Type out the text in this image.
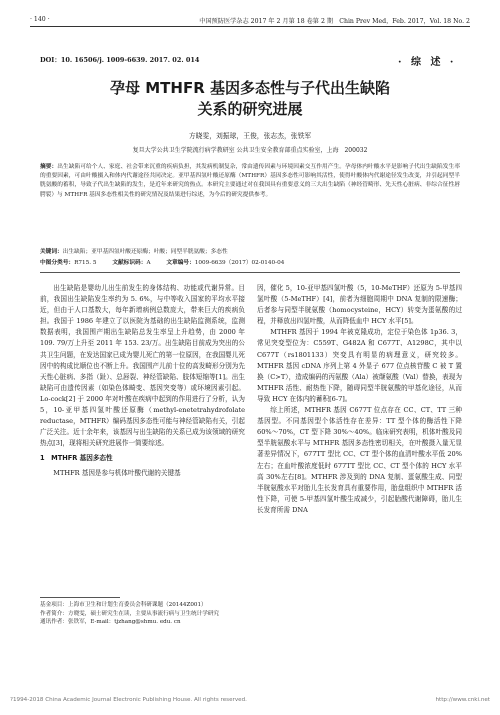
· 140 ·	中国预防医学杂志 2017 年 2 月第 18 卷第 2 期　Chin Prev Med，Feb. 2017，Vol. 18 No. 2
DOI：10. 16506/j. 1009-6639. 2017. 02. 014	· 综 述 ·
孕母 MTHFR 基因多态性与子代出生缺陷
关系的研究进展
方晓雯，刘振球，王俊，张志杰，张铁军
复旦大学公共卫生学院流行病学教研室 公共卫生安全教育部重点实验室，上海　200032
摘要：出生缺陷可给个人、家庭、社会带来沉重的疾病负担，其发病机制复杂，常由遗传因素与环境因素交互作用产生。孕母体内叶酸水平是影响子代出生缺陷发生率的重要因素，可由叶酸摄入和体内代谢途径共同决定。亚甲基四氢叶酸还原酶（MTHFR）基因多态性可影响其活性，使得叶酸体内代谢途径发生改变，并引起同型半胱氨酸的蓄积，导致子代出生缺陷的发生，是近年来研究的热点。本研究主要通过对在我国具有重要意义的三大出生缺陷（神经管畸形、先天性心脏病、非综合征性唇腭裂）与 MTHFR 基因多态性相关性的研究情况及结果进行综述，为今后的研究提供参考。
关键词：出生缺陷；亚甲基四氢叶酸还原酶；叶酸；同型半胱氨酸；多态性
中图分类号：R715. 5	文献标识码：A	文章编号：1009-6639（2017）02-0140-04

出生缺陷是婴幼儿出生前发生的身体结构、功能或代谢异常。目前，我国出生缺陷发生率约为 5. 6%，与中等收入国家的平均水平接近，但由于人口基数大，每年新增病例总数庞大，带来巨大的疾病负担。我国于 1986 年建立了以医院为基础的出生缺陷监测系统，监测数据表明，我国围产期出生缺陷总发生率呈上升趋势，由 2000 年 109. 79/万上升至 2011 年 153. 23/万。出生缺陷目前成为突出的公共卫生问题，在发达国家已成为婴儿死亡的第一位原因，在我国婴儿死因中的构成比顺位也不断上升。我国围产儿前十位的高发畸形分别为先天性心脏病、多指（趾）、总唇裂、神经管缺陷、肢体短缩等[1]。出生缺陷可由遗传因素（如染色体畸变、基因突变等）或环境因素引起。Lo-cock[2] 于 2000 年对叶酸在疾病中起到的作用进行了分析，认为 5，10-亚甲基四氢叶酸还原酶（methyl-enetetrahydrofolate reductase，MTHFR）编码基因多态性可能与神经管缺陷有关，引起广泛关注。近十余年来，该基因与出生缺陷的关系已成为该领域的研究热点[3]，现将相关研究进展作一简要综述。

1　MTHFR 基因多态性

MTHFR 基因是参与机体叶酸代谢的关键基

基金项目：上海市卫生和计划生育委员会科研课题（20144Z001）
作者简介：方晓雯，硕士研究生在读，主要从事流行病与卫生统计学研究
通讯作者：张铁军，E-mail：tjzhang@shmu. edu. cn

因，催化 5，10-亚甲基四氢叶酸（5，10-MeTHF）还原为 5-甲基四氢叶酸（5-MeTHF）[4]，前者为细胞周期中 DNA 复制的限速酶；后者参与同型半胱氨酸（homocysteine，HCY）转变为蛋氨酸的过程，并释放出四氢叶酸，从而降低血中 HCY 水平[5]。

MTHFR 基因于 1994 年被克隆成功，定位于染色体 1p36. 3，常见突变型位为：C559T、G482A 和 C677T、A1298C，其中以 C677T（rs1801133）突变具有明显的病理意义，研究较多。MTHFR 基因 cDNA 序列上第 4 外显子 677 位点核苷酸 C 被 T 置换（C>T），造成编码的丙氨酸（Ala）被缬氨酸（Val）替换，表现为 MTHFR 活性、耐热性下降，随碍同型半胱氨酸的甲基化途径，从而导致 HCY 在体内的蓄积[6-7]。

综上所述，MTHFR 基因 C677T 位点存在 CC、CT、TT 三种基因型。不同基因型个体活性存在差异：TT 型个体的酶活性下降 60%～70%，CT 型下降 30%～40%。临床研究表明，机体叶酸及同型半胱氨酸水平与 MTHFR 基因多态性密切相关，在叶酸摄入量无显著差异情况下，677TT 型比 CC、CT 型个体的血清叶酸水平低 20%左右；在血叶酸浓度低时 677TT 型比 CC、CT 型个体的 HCY 水平高 30%左右[8]。MTHFR 涉及到的 DNA 复制、蛋氨酸生成、同型半胱氨酸水平对胎儿生长发育具有重要作用，胎盘组织中 MTHFR 活性下降，可使 5-甲基四氢叶酸生成减少，引起胎酸代谢障碍，胎儿生长发育所需 DNA

?1994-2018 China Academic Journal Electronic Publishing House. All rights reserved.	http://www.cnki.net
